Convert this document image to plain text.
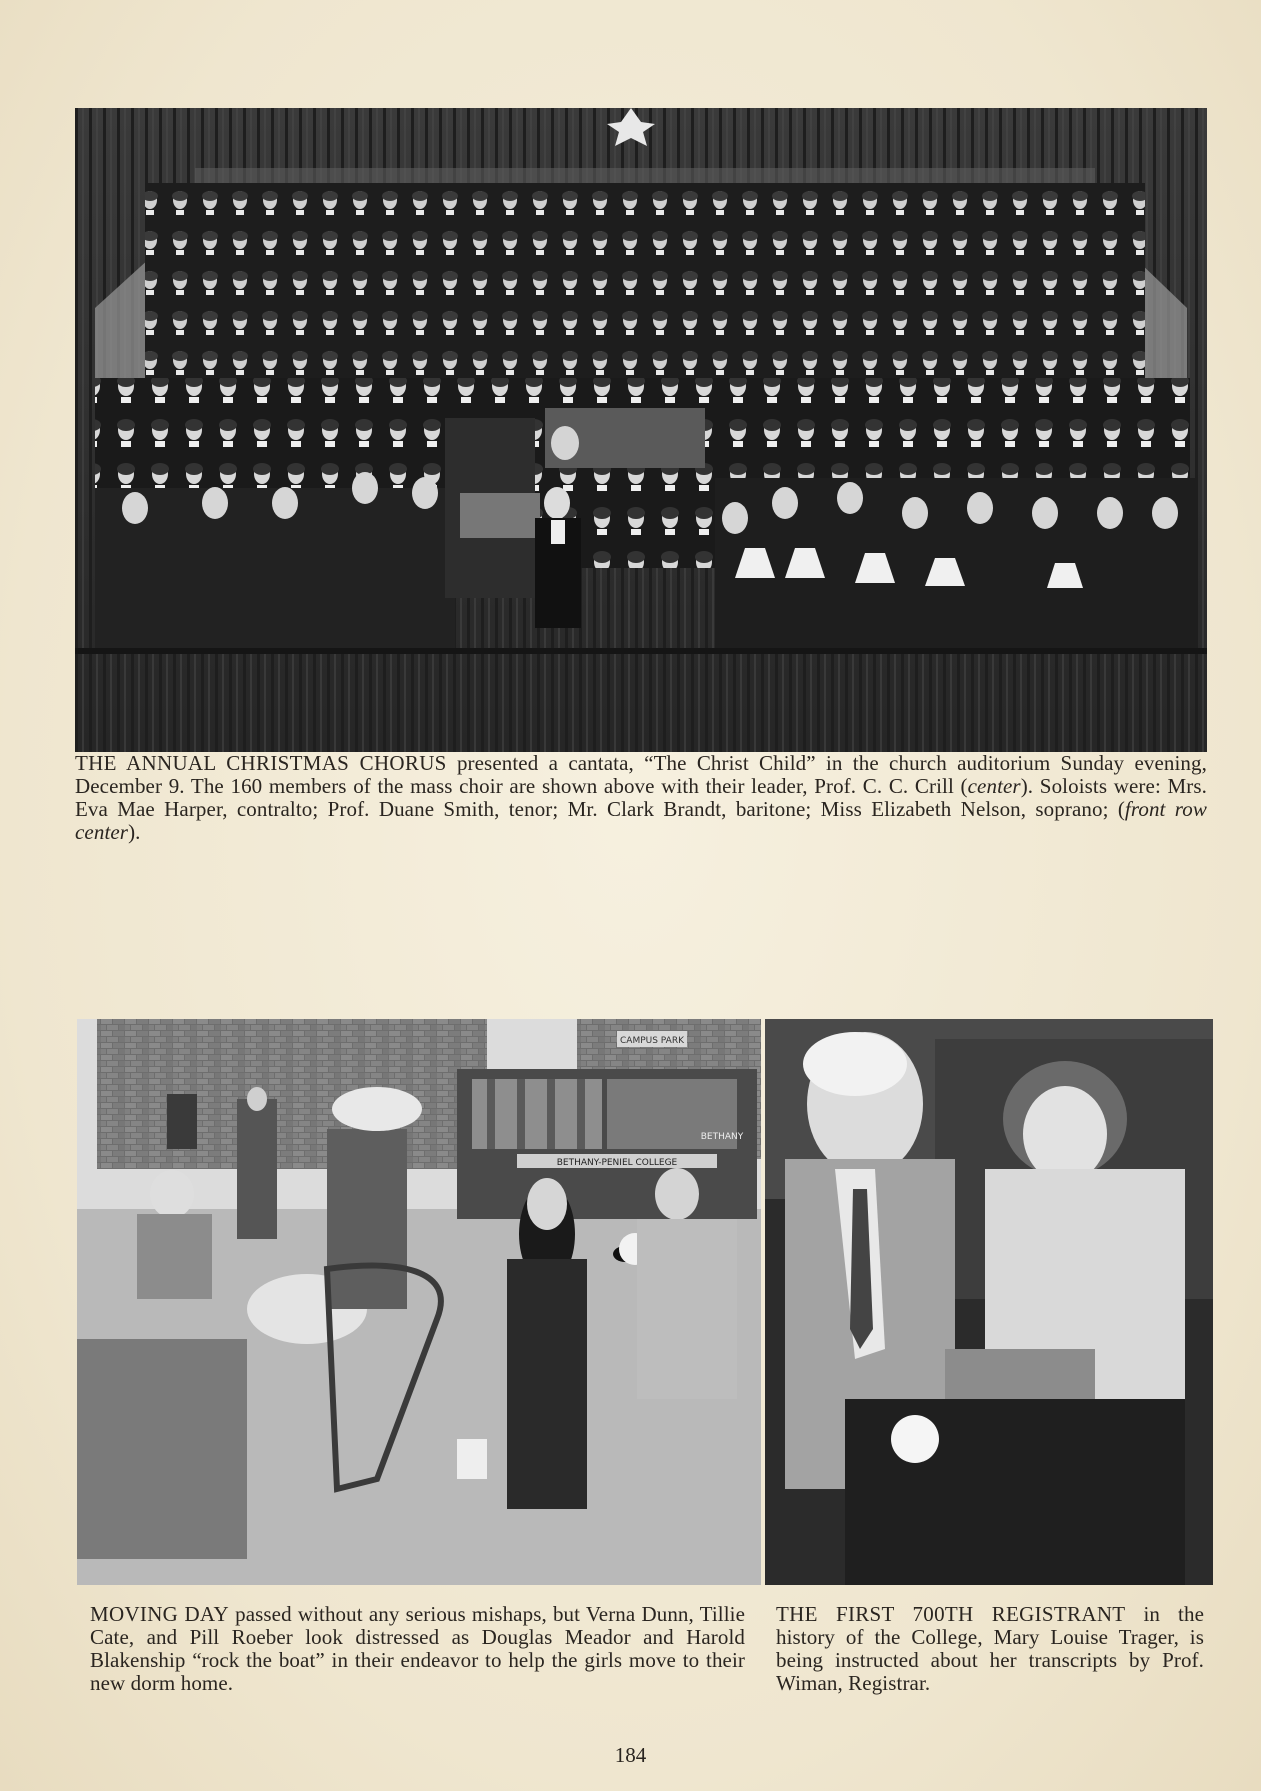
THE ANNUAL CHRISTMAS CHORUS presented a cantata, “The Christ Child” in the church auditorium Sunday evening, December 9. The 160 members of the mass choir are shown above with their leader, Prof. C. C. Crill (center). Soloists were: Mrs. Eva Mae Harper, contralto; Prof. Duane Smith, tenor; Mr. Clark Brandt, baritone; Miss Elizabeth Nelson, soprano; (front row center).

CAMPUS PARK
BETHANY-PENIEL COLLEGE
BETHANY

MOVING DAY passed without any serious mishaps, but Verna Dunn, Tillie Cate, and Pill Roeber look distressed as Douglas Meador and Harold Blakenship “rock the boat” in their endeavor to help the girls move to their new dorm home.

THE FIRST 700TH REGISTRANT in the history of the College, Mary Louise Trager, is being instructed about her transcripts by Prof. Wiman, Registrar.

184
